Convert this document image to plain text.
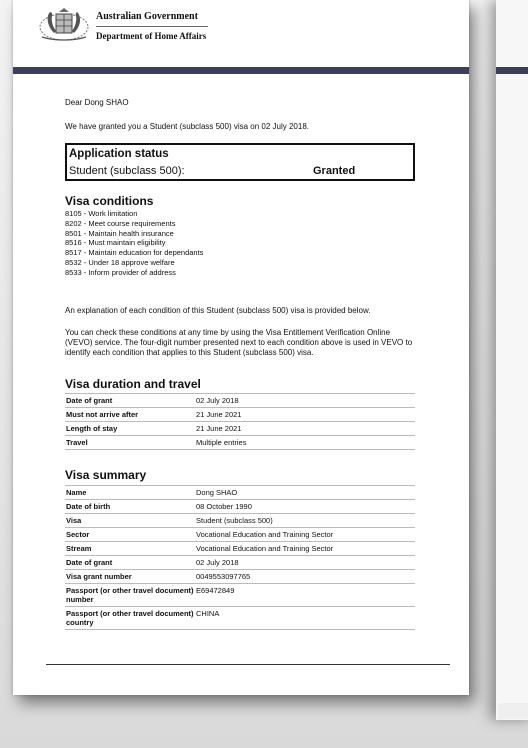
Australian Government
Department of Home Affairs
Dear Dong SHAO
We have granted you a Student (subclass 500) visa on 02 July 2018.
Application status
Student (subclass 500):	Granted
Visa conditions
8105 - Work limitation
8202 - Meet course requirements
8501 - Maintain health insurance
8516 - Must maintain eligibility
8517 - Maintain education for dependants
8532 - Under 18 approve welfare
8533 - Inform provider of address
An explanation of each condition of this Student (subclass 500) visa is provided below.
You can check these conditions at any time by using the Visa Entitlement Verification Online (VEVO) service. The four-digit number presented next to each condition above is used in VEVO to identify each condition that applies to this Student (subclass 500) visa.
Visa duration and travel
Date of grant	02 July 2018
Must not arrive after	21 June 2021
Length of stay	21 June 2021
Travel	Multiple entries
Visa summary
Name	Dong SHAO
Date of birth	08 October 1990
Visa	Student (subclass 500)
Sector	Vocational Education and Training Sector
Stream	Vocational Education and Training Sector
Date of grant	02 July 2018
Visa grant number	0049553097765
Passport (or other travel document) number	E69472849
Passport (or other travel document) country	CHINA
